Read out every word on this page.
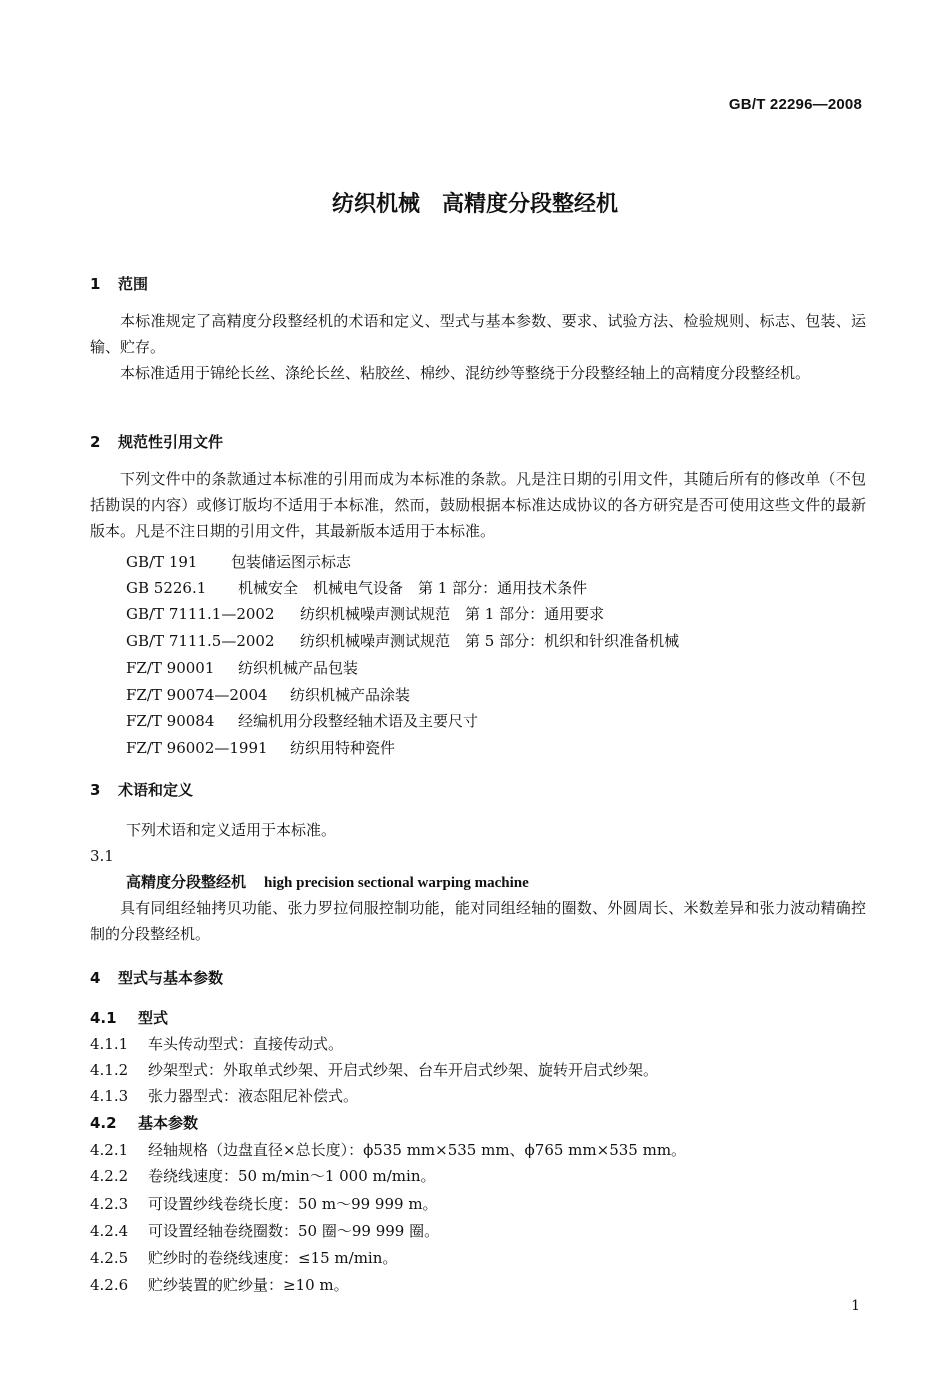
GB/T 22296—2008
纺织机械　高精度分段整经机
1 范围
本标准规定了高精度分段整经机的术语和定义、型式与基本参数、要求、试验方法、检验规则、标志、包装、运输、贮存。
本标准适用于锦纶长丝、涤纶长丝、粘胶丝、棉纱、混纺纱等整绕于分段整经轴上的高精度分段整经机。
2 规范性引用文件
下列文件中的条款通过本标准的引用而成为本标准的条款。凡是注日期的引用文件，其随后所有的修改单（不包括勘误的内容）或修订版均不适用于本标准，然而，鼓励根据本标准达成协议的各方研究是否可使用这些文件的最新版本。凡是不注日期的引用文件，其最新版本适用于本标准。
GB/T 191 包装储运图示标志
GB 5226.1 机械安全　机械电气设备　第 1 部分：通用技术条件
GB/T 7111.1—2002 纺织机械噪声测试规范　第 1 部分：通用要求
GB/T 7111.5—2002 纺织机械噪声测试规范　第 5 部分：机织和针织准备机械
FZ/T 90001 纺织机械产品包装
FZ/T 90074—2004 纺织机械产品涂装
FZ/T 90084 经编机用分段整经轴术语及主要尺寸
FZ/T 96002—1991 纺织用特种瓷件
3 术语和定义
下列术语和定义适用于本标准。
3.1
高精度分段整经机 high precision sectional warping machine
具有同组经轴拷贝功能、张力罗拉伺服控制功能，能对同组经轴的圈数、外圆周长、米数差异和张力波动精确控制的分段整经机。
4 型式与基本参数
4.1 型式
4.1.1 车头传动型式：直接传动式。
4.1.2 纱架型式：外取单式纱架、开启式纱架、台车开启式纱架、旋转开启式纱架。
4.1.3 张力器型式：液态阻尼补偿式。
4.2 基本参数
4.2.1 经轴规格（边盘直径×总长度）：ϕ535 mm×535 mm、ϕ765 mm×535 mm。
4.2.2 卷绕线速度：50 m/min～1 000 m/min。
4.2.3 可设置纱线卷绕长度：50 m～99 999 m。
4.2.4 可设置经轴卷绕圈数：50 圈～99 999 圈。
4.2.5 贮纱时的卷绕线速度：≤15 m/min。
4.2.6 贮纱装置的贮纱量：≥10 m。
1
